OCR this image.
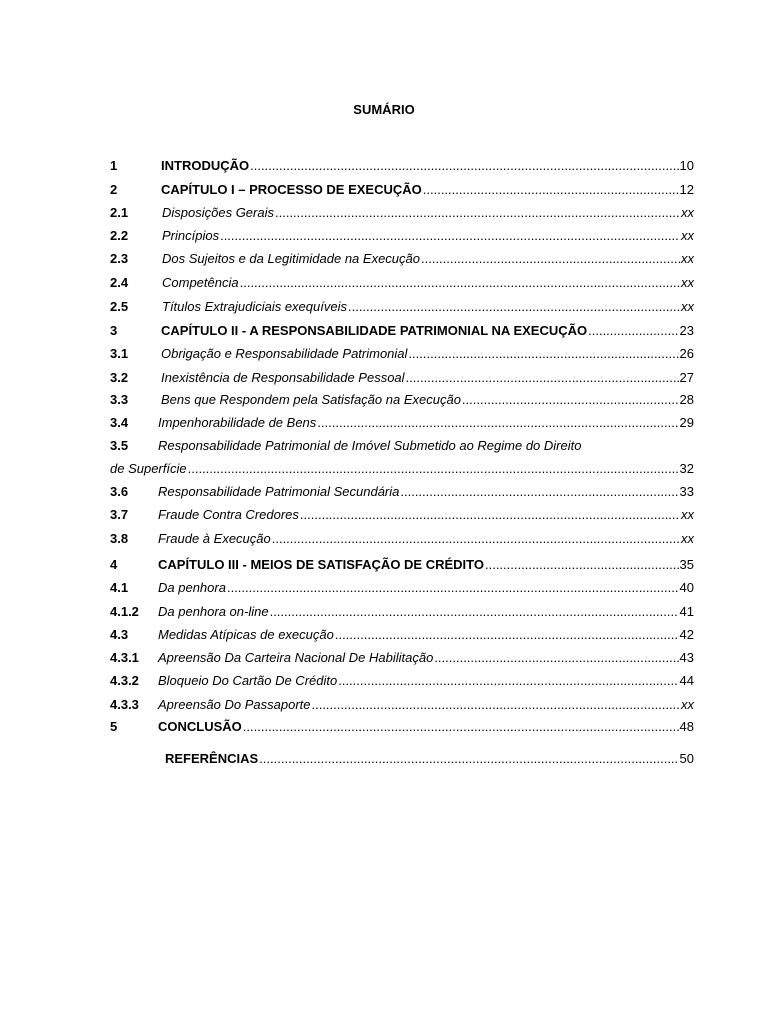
SUMÁRIO
1	INTRODUÇÃO .....	10
2	CAPÍTULO I – PROCESSO DE EXECUÇÃO .....	12
2.1	Disposições Gerais .....	xx
2.2	Princípios .....	xx
2.3	Dos Sujeitos e da Legitimidade na Execução .....	xx
2.4	Competência .....	xx
2.5	Títulos Extrajudiciais exequíveis .....	xx
3	CAPÍTULO II - A RESPONSABILIDADE PATRIMONIAL NA EXECUÇÃO .....	23
3.1	Obrigação e Responsabilidade Patrimonial .....	26
3.2	Inexistência de Responsabilidade Pessoal .....	27
3.3	Bens que Respondem pela Satisfação na Execução .....	28
3.4 Impenhorabilidade de Bens .....	29
3.5 Responsabilidade Patrimonial de Imóvel Submetido ao Regime do Direito
de Superfície .....	32
3.6 Responsabilidade Patrimonial Secundária .....	33
3.7 Fraude Contra Credores .....	xx
3.8 Fraude à Execução .....	xx
4	CAPÍTULO III - MEIOS DE SATISFAÇÃO DE CRÉDITO .....	35
4.1 Da penhora .....	40
4.1.2 Da penhora on-line .....	41
4.3 Medidas Atípicas de execução .....	42
4.3.1 Apreensão Da Carteira Nacional De Habilitação .....	43
4.3.2 Bloqueio Do Cartão De Crédito .....	44
4.3.3 Apreensão Do Passaporte .....	xx
5	CONCLUSÃO .....	48
REFERÊNCIAS .....	50
